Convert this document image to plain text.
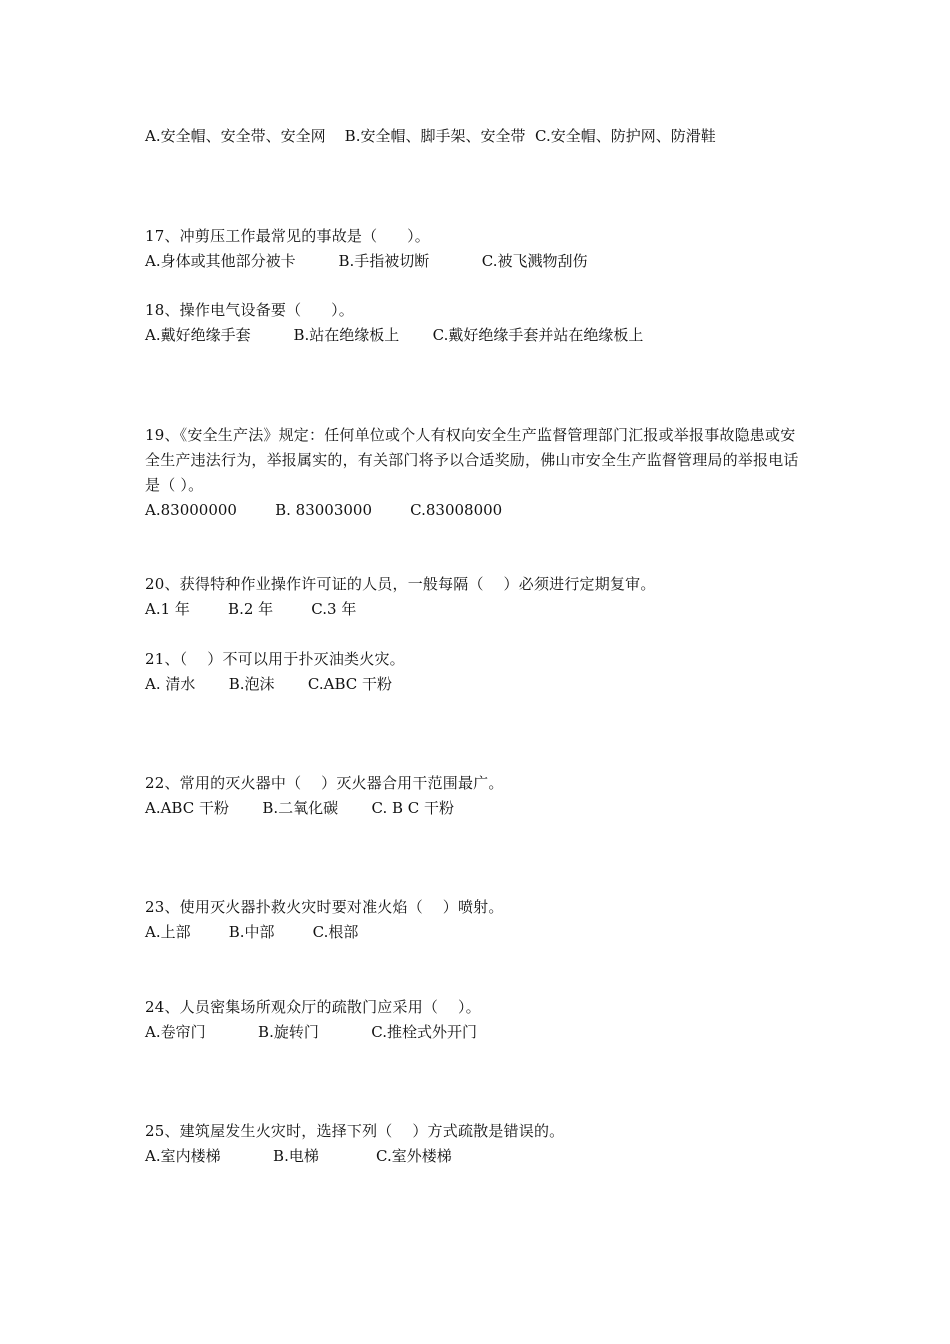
A.安全帽、安全带、安全网    B.安全帽、脚手架、安全带  C.安全帽、防护网、防滑鞋
17、冲剪压工作最常见的事故是（      ）。
A.身体或其他部分被卡         B.手指被切断           C.被飞溅物刮伤
18、操作电气设备要（      ）。
A.戴好绝缘手套         B.站在绝缘板上       C.戴好绝缘手套并站在绝缘板上
19、《安全生产法》规定：任何单位或个人有权向安全生产监督管理部门汇报或举报事故隐患或安全生产违法行为，举报属实的，有关部门将予以合适奖励，佛山市安全生产监督管理局的举报电话是（ ）。
A.83000000        B. 83003000        C.83008000
20、获得特种作业操作许可证的人员，一般每隔（    ）必须进行定期复审。
A.1 年        B.2 年        C.3 年
21、（    ）不可以用于扑灭油类火灾。
A. 清水       B.泡沫       C.ABC 干粉
22、常用的灭火器中（    ）灭火器合用干范围最广。
A.ABC 干粉       B.二氧化碳       C. B C 干粉
23、使用灭火器扑救火灾时要对准火焰（    ）喷射。
A.上部        B.中部        C.根部
24、人员密集场所观众厅的疏散门应采用（    ）。
A.卷帘门           B.旋转门           C.推栓式外开门
25、建筑屋发生火灾时，选择下列（    ）方式疏散是错误的。
A.室内楼梯           B.电梯            C.室外楼梯
